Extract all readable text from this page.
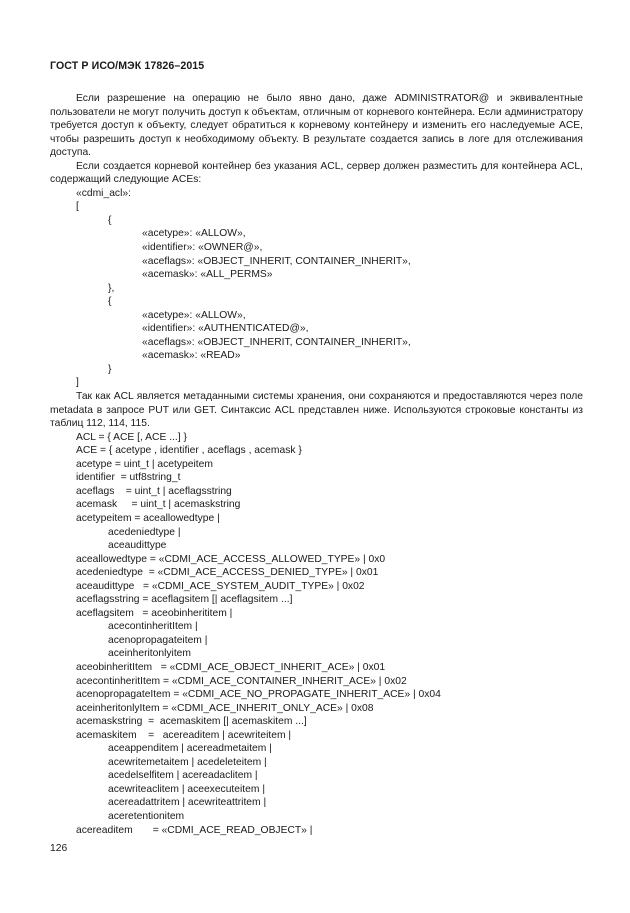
ГОСТ Р ИСО/МЭК 17826–2015

Если разрешение на операцию не было явно дано, даже ADMINISTRATOR@ и эквивалентные пользователи не могут получить доступ к объектам, отличным от корневого контейнера. Если администратору требуется доступ к объекту, следует обратиться к корневому контейнеру и изменить его наследуемые ACE, чтобы разрешить доступ к необходимому объекту. В результате создается запись в логе для отслеживания доступа.

Если создается корневой контейнер без указания ACL, сервер должен разместить для контейнера ACL, содержащий следующие ACEs:

«cdmi_acl»:
[
{
«acetype»: «ALLOW»,
«identifier»: «OWNER@»,
«aceflags»: «OBJECT_INHERIT, CONTAINER_INHERIT»,
«acemask»: «ALL_PERMS»
},
{
«acetype»: «ALLOW»,
«identifier»: «AUTHENTICATED@»,
«aceflags»: «OBJECT_INHERIT, CONTAINER_INHERIT»,
«acemask»: «READ»
}
]

Так как ACL является метаданными системы хранения, они сохраняются и предоставляются через поле metadata в запросе PUT или GET. Синтаксис ACL представлен ниже. Используются строковые константы из таблиц 112, 114, 115.

ACL = { ACE [, ACE ...] }
ACE = { acetype , identifier , aceflags , acemask }
acetype = uint_t | acetypeitem
identifier  = utf8string_t
aceflags    = uint_t | aceflagsstring
acemask     = uint_t | acemaskstring
acetypeitem = aceallowedtype |
acedeniedtype |
aceaudittype
aceallowedtype = «CDMI_ACE_ACCESS_ALLOWED_TYPE» | 0x0
acedeniedtype  = «CDMI_ACE_ACCESS_DENIED_TYPE» | 0x01
aceaudittype   = «CDMI_ACE_SYSTEM_AUDIT_TYPE» | 0x02
aceflagsstring = aceflagsitem [| aceflagsitem ...]
aceflagsitem   = aceobinherititem |
acecontinheritItem |
acenopropagateitem |
aceinheritonlyitem
aceobinheritItem   = «CDMI_ACE_OBJECT_INHERIT_ACE» | 0x01
acecontinheritItem = «CDMI_ACE_CONTAINER_INHERIT_ACE» | 0x02
acenopropagateItem = «CDMI_ACE_NO_PROPAGATE_INHERIT_ACE» | 0x04
aceinheritonlyItem = «CDMI_ACE_INHERIT_ONLY_ACE» | 0x08
acemaskstring  =  acemaskitem [| acemaskitem ...]
acemaskitem    =   acereaditem | acewriteitem |
aceappenditem | acereadmetaitem |
acewritemetaitem | acedeleteitem |
acedelselfitem | acereadaclitem |
acewriteaclitem | aceexecuteitem |
acereadattritem | acewriteattritem |
aceretentionitem
acereaditem       = «CDMI_ACE_READ_OBJECT» |
126
